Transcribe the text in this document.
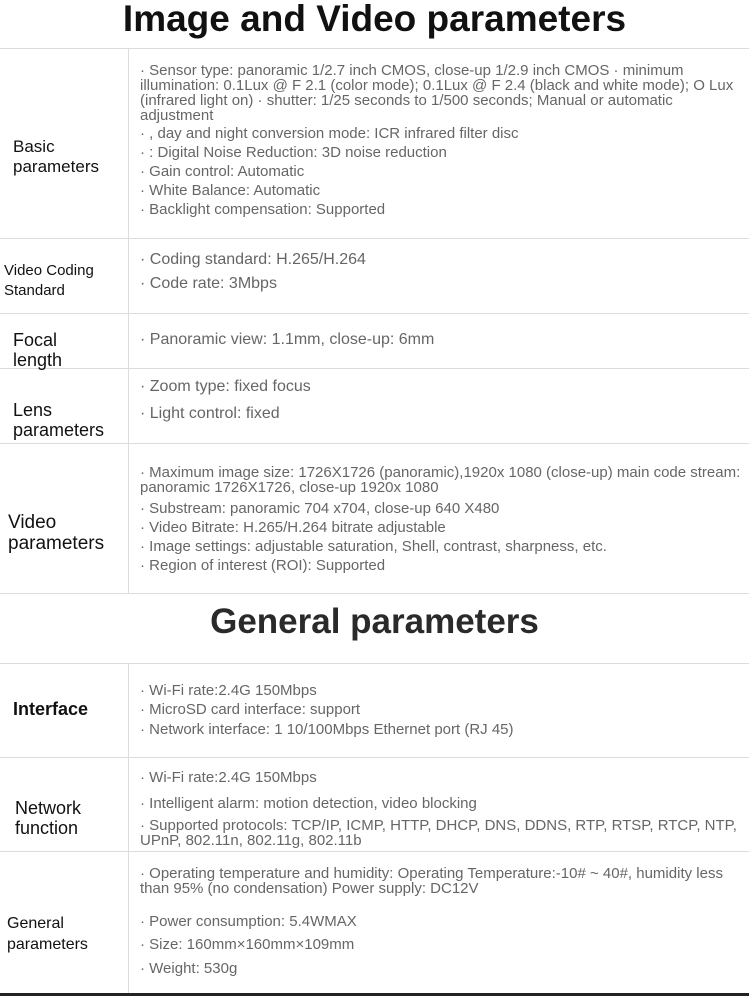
Image and Video parameters
Basic parameters
· Sensor type: panoramic 1/2.7 inch CMOS, close-up 1/2.9 inch CMOS · minimum illumination: 0.1Lux @ F 2.1 (color mode); 0.1Lux @ F 2.4 (black and white mode); O Lux (infrared light on) · shutter: 1/25 seconds to 1/500 seconds; Manual or automatic adjustment
· , day and night conversion mode: ICR infrared filter disc
· : Digital Noise Reduction: 3D noise reduction
· Gain control: Automatic
· White Balance: Automatic
· Backlight compensation: Supported
Video Coding Standard
· Coding standard: H.265/H.264
· Code rate: 3Mbps
Focal length
· Panoramic view: 1.1mm, close-up: 6mm
Lens parameters
· Zoom type: fixed focus
· Light control: fixed
Video parameters
· Maximum image size: 1726X1726 (panoramic),1920x 1080 (close-up) main code stream: panoramic 1726X1726, close-up 1920x 1080
· Substream: panoramic 704 x704, close-up 640 X480
· Video Bitrate: H.265/H.264 bitrate adjustable
· Image settings: adjustable saturation, Shell, contrast, sharpness, etc.
· Region of interest (ROI): Supported
General parameters
Interface
· Wi-Fi rate:2.4G 150Mbps
· MicroSD card interface: support
· Network interface: 1 10/100Mbps Ethernet port (RJ 45)
Network function
· Wi-Fi rate:2.4G 150Mbps
· Intelligent alarm: motion detection, video blocking
· Supported protocols: TCP/IP, ICMP, HTTP, DHCP, DNS, DDNS, RTP, RTSP, RTCP, NTP, UPnP, 802.11n, 802.11g, 802.11b
General parameters
· Operating temperature and humidity: Operating Temperature:-10# ~ 40#, humidity less than 95% (no condensation) Power supply: DC12V
· Power consumption: 5.4WMAX
· Size: 160mm×160mm×109mm
· Weight: 530g
